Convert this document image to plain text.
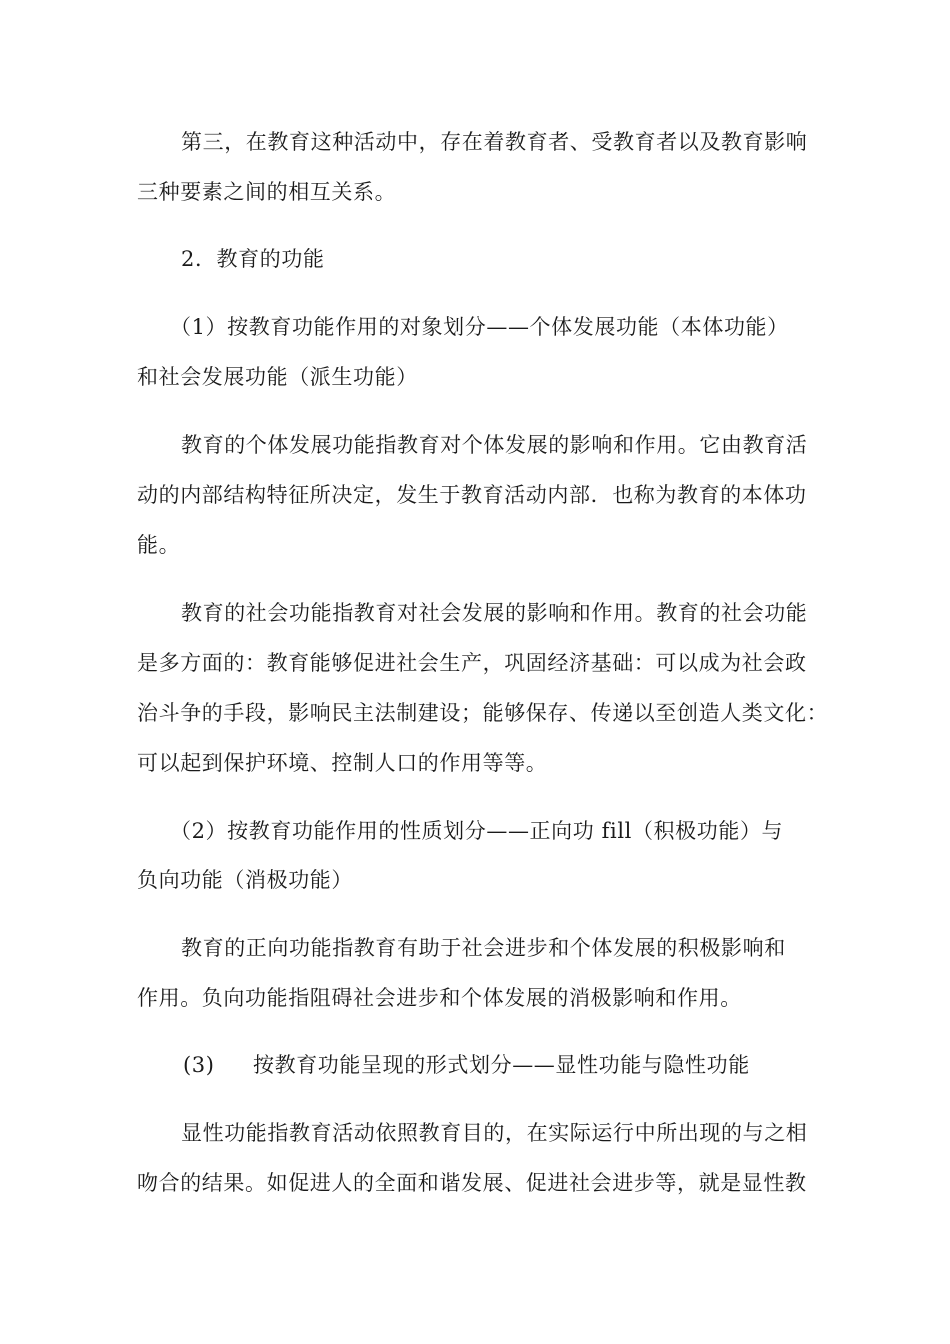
第三，在教育这种活动中，存在着教育者、受教育者以及教育影响
三种要素之间的相互关系。
2．教育的功能
（1）按教育功能作用的对象划分——个体发展功能（本体功能）
和社会发展功能（派生功能）
教育的个体发展功能指教育对个体发展的影响和作用。它由教育活
动的内部结构特征所决定，发生于教育活动内部．也称为教育的本体功
能。
教育的社会功能指教育对社会发展的影响和作用。教育的社会功能
是多方面的：教育能够促进社会生产，巩固经济基础：可以成为社会政
治斗争的手段，影响民主法制建设；能够保存、传递以至创造人类文化：
可以起到保护环境、控制人口的作用等等。
（2）按教育功能作用的性质划分——正向功 fill（积极功能）与
负向功能（消极功能）
教育的正向功能指教育有助于社会进步和个体发展的积极影响和
作用。负向功能指阻碍社会进步和个体发展的消极影响和作用。
(3) 按教育功能呈现的形式划分——显性功能与隐性功能
显性功能指教育活动依照教育目的，在实际运行中所出现的与之相
吻合的结果。如促进人的全面和谐发展、促进社会进步等，就是显性教
